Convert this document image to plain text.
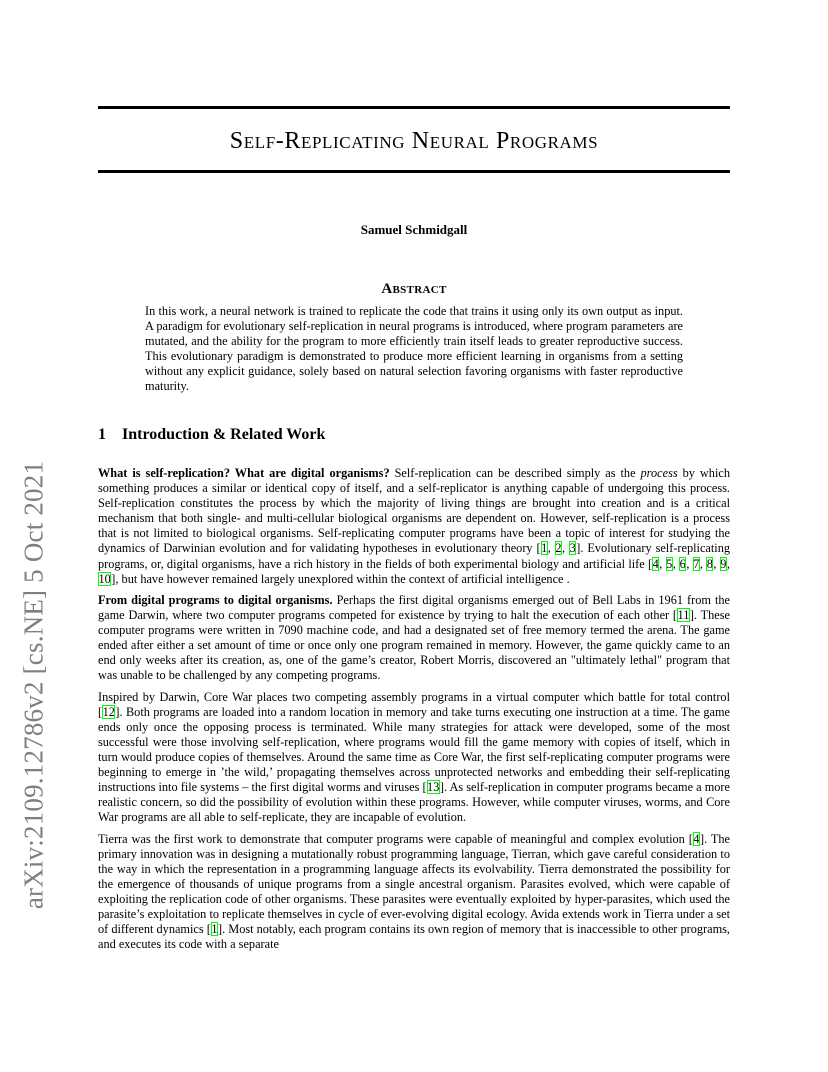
arXiv:2109.12786v2 [cs.NE] 5 Oct 2021
Self-Replicating Neural Programs
Samuel Schmidgall
Abstract
In this work, a neural network is trained to replicate the code that trains it using only its own output as input. A paradigm for evolutionary self-replication in neural programs is introduced, where program parameters are mutated, and the ability for the program to more efficiently train itself leads to greater reproductive success. This evolutionary paradigm is demonstrated to produce more efficient learning in organisms from a setting without any explicit guidance, solely based on natural selection favoring organisms with faster reproductive maturity.
1 Introduction & Related Work

What is self-replication? What are digital organisms? Self-replication can be described simply as the process by which something produces a similar or identical copy of itself, and a self-replicator is anything capable of undergoing this process. Self-replication constitutes the process by which the majority of living things are brought into creation and is a critical mechanism that both single- and multi-cellular biological organisms are dependent on. However, self-replication is a process that is not limited to biological organisms. Self-replicating computer programs have been a topic of interest for studying the dynamics of Darwinian evolution and for validating hypotheses in evolutionary theory [1, 2, 3]. Evolutionary self-replicating programs, or, digital organisms, have a rich history in the fields of both experimental biology and artificial life [4, 5, 6, 7, 8, 9, 10], but have however remained largely unexplored within the context of artificial intelligence .

From digital programs to digital organisms. Perhaps the first digital organisms emerged out of Bell Labs in 1961 from the game Darwin, where two computer programs competed for existence by trying to halt the execution of each other [11]. These computer programs were written in 7090 machine code, and had a designated set of free memory termed the arena. The game ended after either a set amount of time or once only one program remained in memory. However, the game quickly came to an end only weeks after its creation, as, one of the game’s creator, Robert Morris, discovered an "ultimately lethal" program that was unable to be challenged by any competing programs.

Inspired by Darwin, Core War places two competing assembly programs in a virtual computer which battle for total control [12]. Both programs are loaded into a random location in memory and take turns executing one instruction at a time. The game ends only once the opposing process is terminated. While many strategies for attack were developed, some of the most successful were those involving self-replication, where programs would fill the game memory with copies of itself, which in turn would produce copies of themselves. Around the same time as Core War, the first self-replicating computer programs were beginning to emerge in ’the wild,’ propagating themselves across unprotected networks and embedding their self-replicating instructions into file systems – the first digital worms and viruses [13]. As self-replication in computer programs became a more realistic concern, so did the possibility of evolution within these programs. However, while computer viruses, worms, and Core War programs are all able to self-replicate, they are incapable of evolution.

Tierra was the first work to demonstrate that computer programs were capable of meaningful and complex evolution [4]. The primary innovation was in designing a mutationally robust programming language, Tierran, which gave careful consideration to the way in which the representation in a programming language affects its evolvability. Tierra demonstrated the possibility for the emergence of thousands of unique programs from a single ancestral organism. Parasites evolved, which were capable of exploiting the replication code of other organisms. These parasites were eventually exploited by hyper-parasites, which used the parasite’s exploitation to replicate themselves in cycle of ever-evolving digital ecology. Avida extends work in Tierra under a set of different dynamics [1]. Most notably, each program contains its own region of memory that is inaccessible to other programs, and executes its code with a separate
